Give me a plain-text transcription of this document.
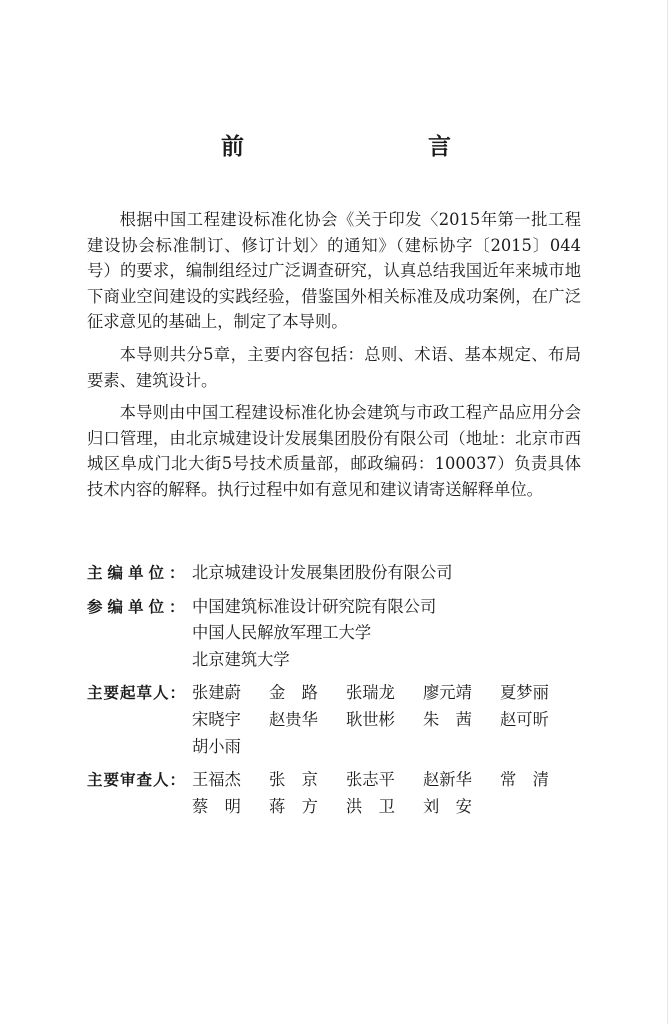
前　　言

根据中国工程建设标准化协会《关于印发〈2015年第一批工程建设协会标准制订、修订计划〉的通知》（建标协字〔2015〕044号）的要求，编制组经过广泛调查研究，认真总结我国近年来城市地下商业空间建设的实践经验，借鉴国外相关标准及成功案例，在广泛征求意见的基础上，制定了本导则。

本导则共分5章，主要内容包括：总则、术语、基本规定、布局要素、建筑设计。

本导则由中国工程建设标准化协会建筑与市政工程产品应用分会归口管理，由北京城建设计发展集团股份有限公司（地址：北京市西城区阜成门北大街5号技术质量部，邮政编码：100037）负责具体技术内容的解释。执行过程中如有意见和建议请寄送解释单位。

主编单位： 北京城建设计发展集团股份有限公司
参编单位： 中国建筑标准设计研究院有限公司
中国人民解放军理工大学
北京建筑大学
主要起草人： 张建蔚	金　路	张瑞龙	廖元靖	夏梦丽
宋晓宇	赵贵华	耿世彬	朱　茜	赵可昕
胡小雨
主要审查人： 王福杰	张　京	张志平	赵新华	常　清
蔡　明	蒋　方	洪　卫	刘　安
